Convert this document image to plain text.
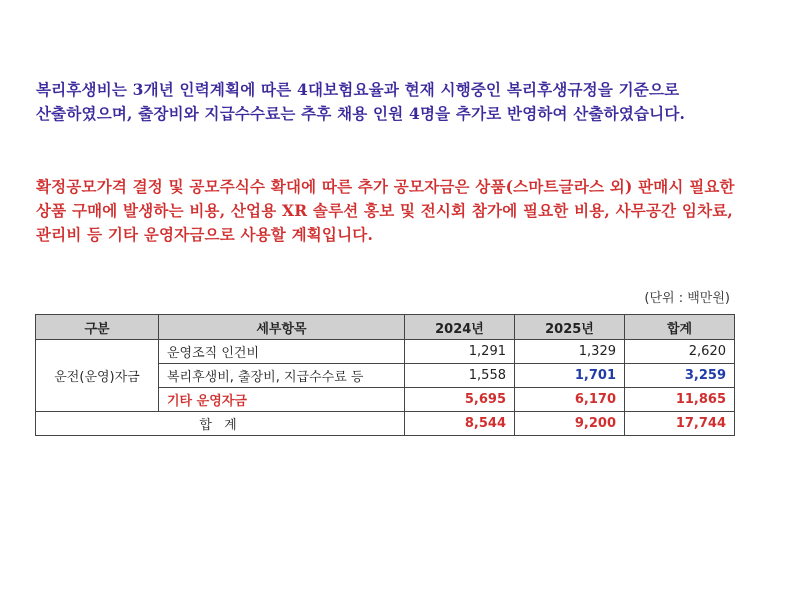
복리후생비는 3개년 인력계획에 따른 4대보험요율과 현재 시행중인 복리후생규정을 기준으로 산출하였으며, 출장비와 지급수수료는 추후 채용 인원 4명을 추가로 반영하여 산출하였습니다.

확정공모가격 결정 및 공모주식수 확대에 따른 추가 공모자금은 상품(스마트글라스 외) 판매시 필요한 상품 구매에 발생하는 비용, 산업용 XR 솔루션 홍보 및 전시회 참가에 필요한 비용, 사무공간 임차료, 관리비 등 기타 운영자금으로 사용할 계획입니다.

(단위 : 백만원)
구분	세부항목	2024년	2025년	합계
운전(운영)자금	운영조직 인건비	1,291	1,329	2,620
	복리후생비, 출장비, 지급수수료 등	1,558	1,701	3,259
	기타 운영자금	5,695	6,170	11,865
합 계		8,544	9,200	17,744
